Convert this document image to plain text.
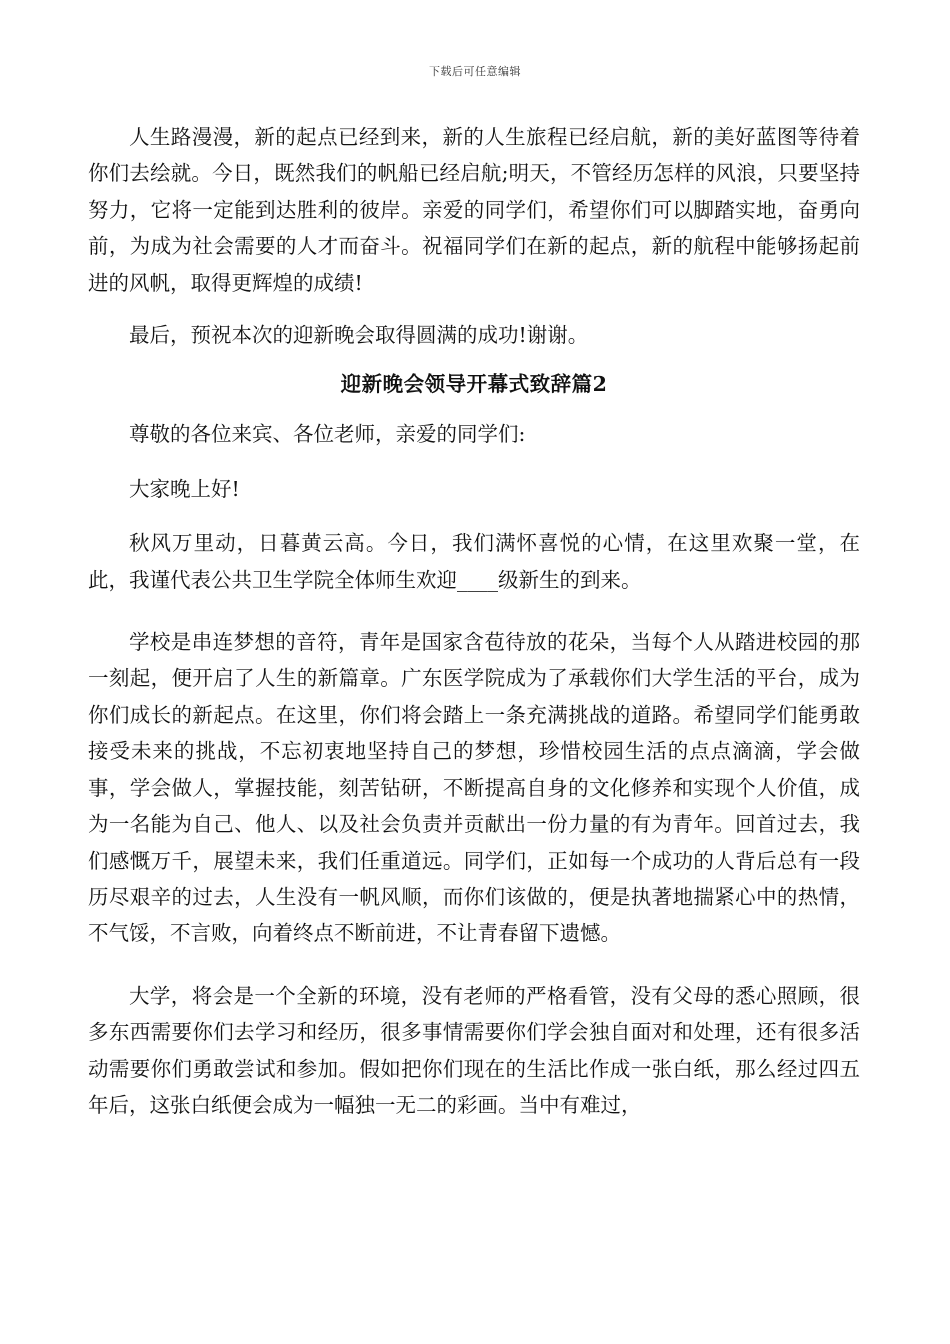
下载后可任意编辑

人生路漫漫，新的起点已经到来，新的人生旅程已经启航，新的美好蓝图等待着你们去绘就。今日，既然我们的帆船已经启航;明天，不管经历怎样的风浪，只要坚持努力，它将一定能到达胜利的彼岸。亲爱的同学们，希望你们可以脚踏实地，奋勇向前，为成为社会需要的人才而奋斗。祝福同学们在新的起点，新的航程中能够扬起前进的风帆，取得更辉煌的成绩!

最后，预祝本次的迎新晚会取得圆满的成功!谢谢。

迎新晚会领导开幕式致辞篇2

尊敬的各位来宾、各位老师，亲爱的同学们:

大家晚上好!

秋风万里动，日暮黄云高。今日，我们满怀喜悦的心情，在这里欢聚一堂，在此，我谨代表公共卫生学院全体师生欢迎____级新生的到来。

学校是串连梦想的音符，青年是国家含苞待放的花朵，当每个人从踏进校园的那一刻起，便开启了人生的新篇章。广东医学院成为了承载你们大学生活的平台，成为你们成长的新起点。在这里，你们将会踏上一条充满挑战的道路。希望同学们能勇敢接受未来的挑战，不忘初衷地坚持自己的梦想，珍惜校园生活的点点滴滴，学会做事，学会做人，掌握技能，刻苦钻研，不断提高自身的文化修养和实现个人价值，成为一名能为自己、他人、以及社会负责并贡献出一份力量的有为青年。回首过去，我们感慨万千，展望未来，我们任重道远。同学们，正如每一个成功的人背后总有一段历尽艰辛的过去，人生没有一帆风顺，而你们该做的，便是执著地揣紧心中的热情，不气馁，不言败，向着终点不断前进，不让青春留下遗憾。

大学，将会是一个全新的环境，没有老师的严格看管，没有父母的悉心照顾，很多东西需要你们去学习和经历，很多事情需要你们学会独自面对和处理，还有很多活动需要你们勇敢尝试和参加。假如把你们现在的生活比作成一张白纸，那么经过四五年后，这张白纸便会成为一幅独一无二的彩画。当中有难过，
